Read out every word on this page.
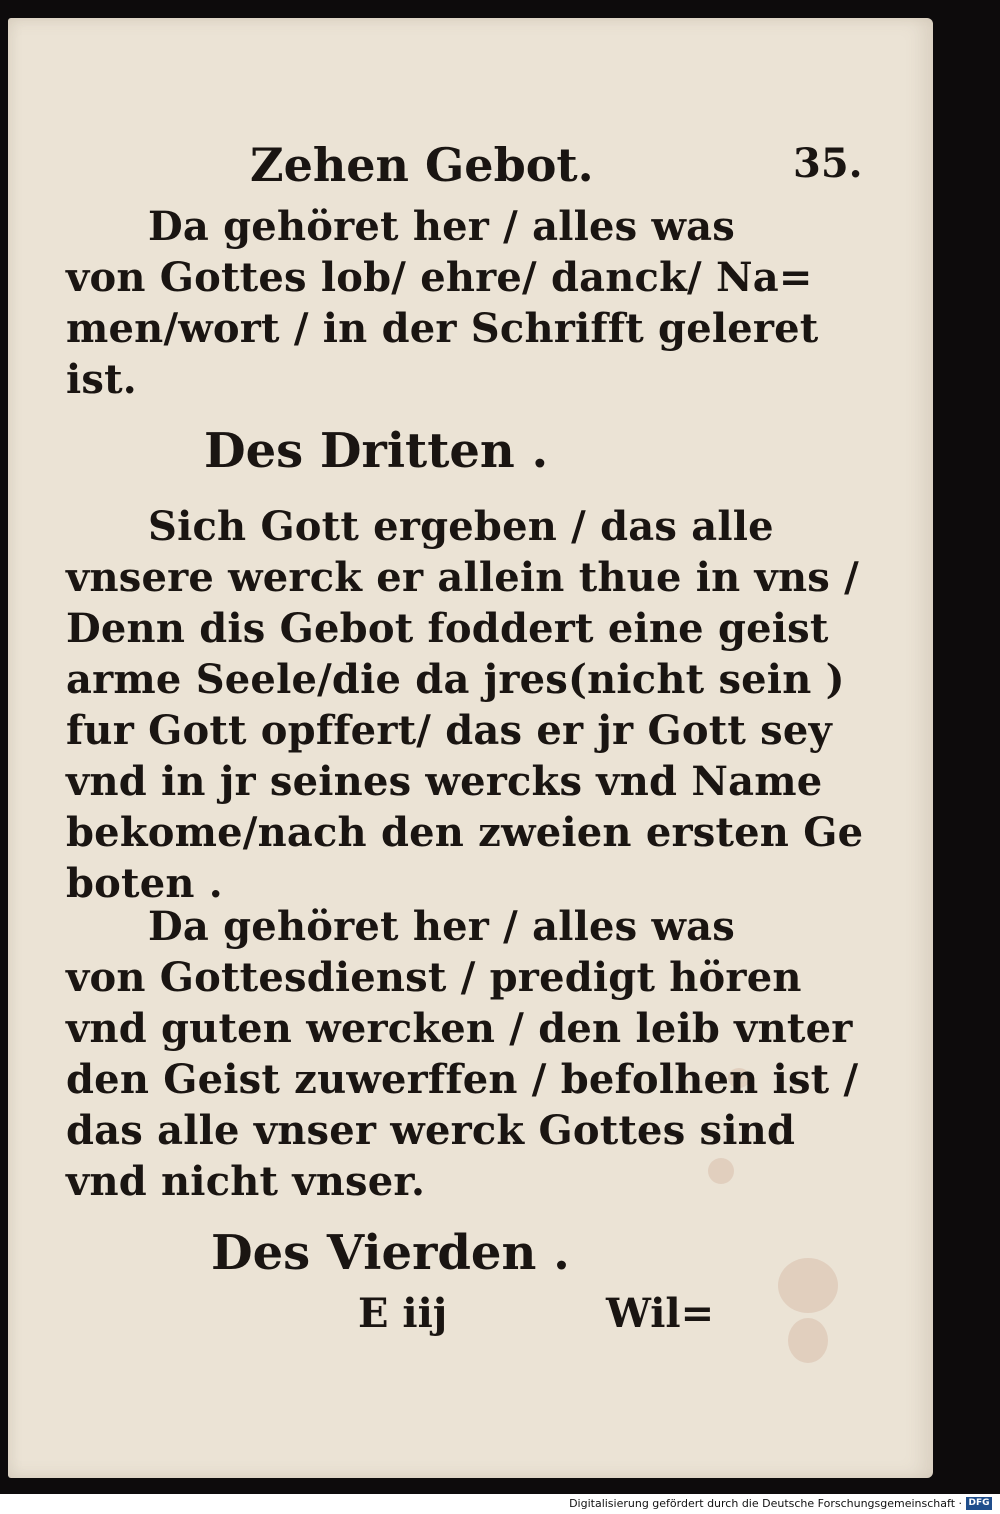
Zehen Gebot.	35.
Da gehöret her / alles was
von Gottes lob/ ehre/ danck/ Na=
men/wort / in der Schrifft geleret
ist.
Des Dritten .
Sich Gott ergeben / das alle
vnsere werck er allein thue in vns /
Denn dis Gebot foddert eine geist
arme Seele/die da jres(nicht sein )
fur Gott opffert/ das er jr Gott sey
vnd in jr seines wercks vnd Name
bekome/nach den zweien ersten Ge
boten .
Da gehöret her / alles was
von Gottesdienst / predigt hören
vnd guten wercken / den leib vnter
den Geist zuwerffen / befolhen ist /
das alle vnser werck Gottes sind
vnd nicht vnser.
Des Vierden .
E iij	Wil=
Digitalisierung gefördert durch die Deutsche Forschungsgemeinschaft · DFG
